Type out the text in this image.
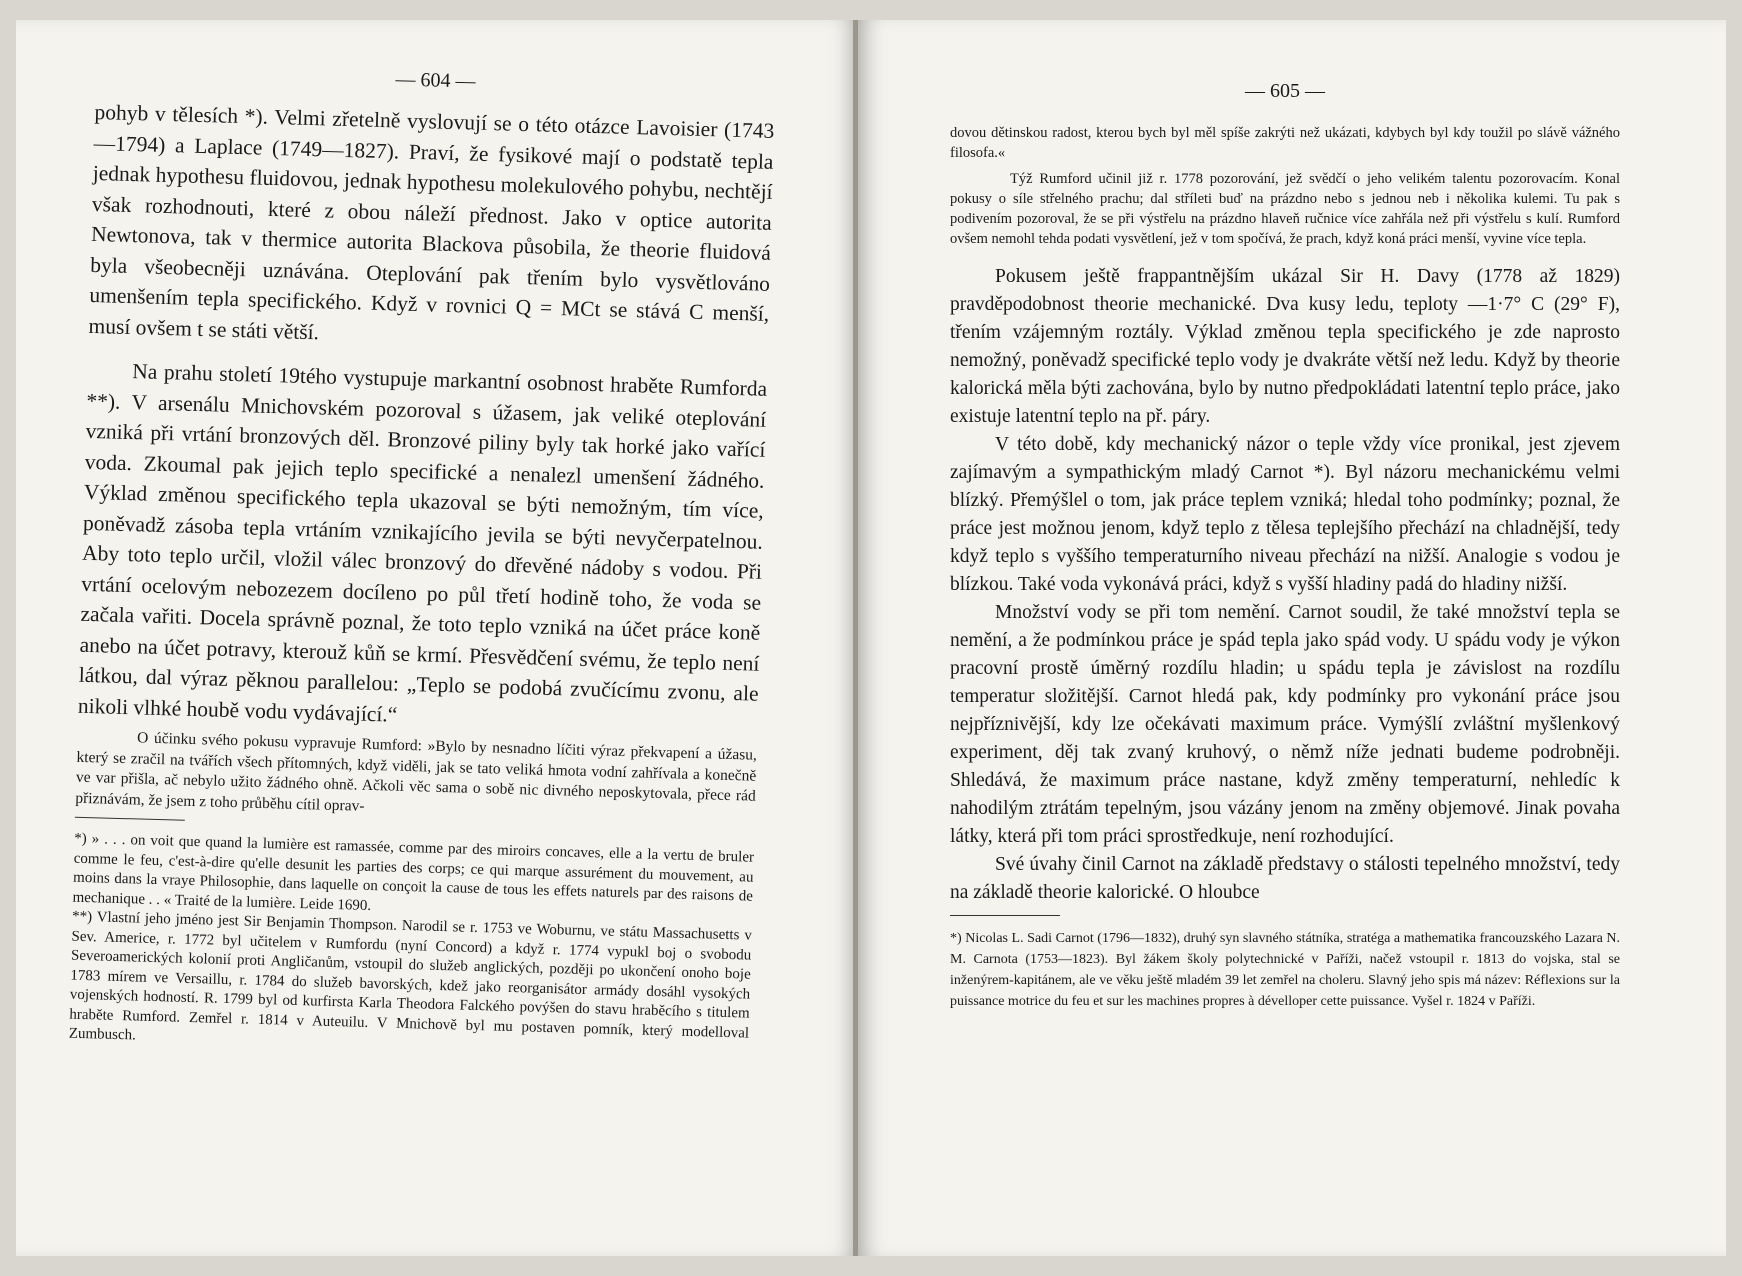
— 604 —

pohyb v tělesích *). Velmi zřetelně vyslovují se o této otázce Lavoisier (1743—1794) a Laplace (1749—1827). Praví, že fysikové mají o podstatě tepla jednak hypothesu fluidovou, jednak hypothesu molekulového pohybu, nechtějí však rozhodnouti, které z obou náleží přednost. Jako v optice autorita Newtonova, tak v thermice autorita Blackova působila, že theorie fluidová byla všeobecněji uznávána. Oteplování pak třením bylo vysvětlováno umenšením tepla specifického. Když v rovnici Q = MCt se stává C menší, musí ovšem t se státi větší.

Na prahu století 19tého vystupuje markantní osobnost hraběte Rumforda **). V arsenálu Mnichovském pozoroval s úžasem, jak veliké oteplování vzniká při vrtání bronzových děl. Bronzové piliny byly tak horké jako vařící voda. Zkoumal pak jejich teplo specifické a nenalezl umenšení žádného. Výklad změnou specifického tepla ukazoval se býti nemožným, tím více, poněvadž zásoba tepla vrtáním vznikajícího jevila se býti nevyčerpatelnou. Aby toto teplo určil, vložil válec bronzový do dřevěné nádoby s vodou. Při vrtání ocelovým nebozezem docíleno po půl třetí hodině toho, že voda se začala vařiti. Docela správně poznal, že toto teplo vzniká na účet práce koně anebo na účet potravy, kterouž kůň se krmí. Přesvědčení svému, že teplo není látkou, dal výraz pěknou parallelou: „Teplo se podobá zvučícímu zvonu, ale nikoli vlhké houbě vodu vydávající.“

O účinku svého pokusu vypravuje Rumford: »Bylo by nesnadno líčiti výraz překvapení a úžasu, který se zračil na tvářích všech přítomných, když viděli, jak se tato veliká hmota vodní zahřívala a konečně ve var přišla, ač nebylo užito žádného ohně. Ačkoli věc sama o sobě nic divného neposkytovala, přece rád přiznávám, že jsem z toho průběhu cítil oprav-

*) » . . . on voit que quand la lumière est ramassée, comme par des miroirs concaves, elle a la vertu de bruler comme le feu, c'est-à-dire qu'elle desunit les parties des corps; ce qui marque assurément du mouvement, au moins dans la vraye Philosophie, dans laquelle on conçoit la cause de tous les effets naturels par des raisons de mechanique . . « Traité de la lumière. Leide 1690.

**) Vlastní jeho jméno jest Sir Benjamin Thompson. Narodil se r. 1753 ve Woburnu, ve státu Massachusetts v Sev. Americe, r. 1772 byl učitelem v Rumfordu (nyní Concord) a když r. 1774 vypukl boj o svobodu Severoamerických kolonií proti Angličanům, vstoupil do služeb anglických, později po ukončení onoho boje 1783 mírem ve Versaillu, r. 1784 do služeb bavorských, kdež jako reorganisátor armády dosáhl vysokých vojenských hodností. R. 1799 byl od kurfirsta Karla Theodora Falckého povýšen do stavu hraběcího s titulem hraběte Rumford. Zemřel r. 1814 v Auteuilu. V Mnichově byl mu postaven pomník, který modelloval Zumbusch.

— 605 —

dovou dětinskou radost, kterou bych byl měl spíše zakrýti než ukázati, kdybych byl kdy toužil po slávě vážného filosofa.«

Týž Rumford učinil již r. 1778 pozorování, jež svědčí o jeho velikém talentu pozorovacím. Konal pokusy o síle střelného prachu; dal stříleti buď na prázdno nebo s jednou neb i několika kulemi. Tu pak s podivením pozoroval, že se při výstřelu na prázdno hlaveň ručnice více zahřála než při výstřelu s kulí. Rumford ovšem nemohl tehda podati vysvětlení, jež v tom spočívá, že prach, když koná práci menší, vyvine více tepla.

Pokusem ještě frappantnějším ukázal Sir H. Davy (1778 až 1829) pravděpodobnost theorie mechanické. Dva kusy ledu, teploty —1·7° C (29° F), třením vzájemným roztály. Výklad změnou tepla specifického je zde naprosto nemožný, poněvadž specifické teplo vody je dvakráte větší než ledu. Když by theorie kalorická měla býti zachována, bylo by nutno předpokládati latentní teplo práce, jako existuje latentní teplo na př. páry.

V této době, kdy mechanický názor o teple vždy více pronikal, jest zjevem zajímavým a sympathickým mladý Carnot *). Byl názoru mechanickému velmi blízký. Přemýšlel o tom, jak práce teplem vzniká; hledal toho podmínky; poznal, že práce jest možnou jenom, když teplo z tělesa teplejšího přechází na chladnější, tedy když teplo s vyššího temperaturního niveau přechází na nižší. Analogie s vodou je blízkou. Také voda vykonává práci, když s vyšší hladiny padá do hladiny nižší.

Množství vody se při tom nemění. Carnot soudil, že také množství tepla se nemění, a že podmínkou práce je spád tepla jako spád vody. U spádu vody je výkon pracovní prostě úměrný rozdílu hladin; u spádu tepla je závislost na rozdílu temperatur složitější. Carnot hledá pak, kdy podmínky pro vykonání práce jsou nejpříznivější, kdy lze očekávati maximum práce. Vymýšlí zvláštní myšlenkový experiment, děj tak zvaný kruhový, o němž níže jednati budeme podrobněji. Shledává, že maximum práce nastane, když změny temperaturní, nehledíc k nahodilým ztrátám tepelným, jsou vázány jenom na změny objemové. Jinak povaha látky, která při tom práci sprostředkuje, není rozhodující.

Své úvahy činil Carnot na základě představy o stálosti tepelného množství, tedy na základě theorie kalorické. O hloubce

*) Nicolas L. Sadi Carnot (1796—1832), druhý syn slavného státníka, stratéga a mathematika francouzského Lazara N. M. Carnota (1753—1823). Byl žákem školy polytechnické v Paříži, načež vstoupil r. 1813 do vojska, stal se inženýrem-kapitánem, ale ve věku ještě mladém 39 let zemřel na choleru. Slavný jeho spis má název: Réflexions sur la puissance motrice du feu et sur les machines propres à dévelloper cette puissance. Vyšel r. 1824 v Paříži.
